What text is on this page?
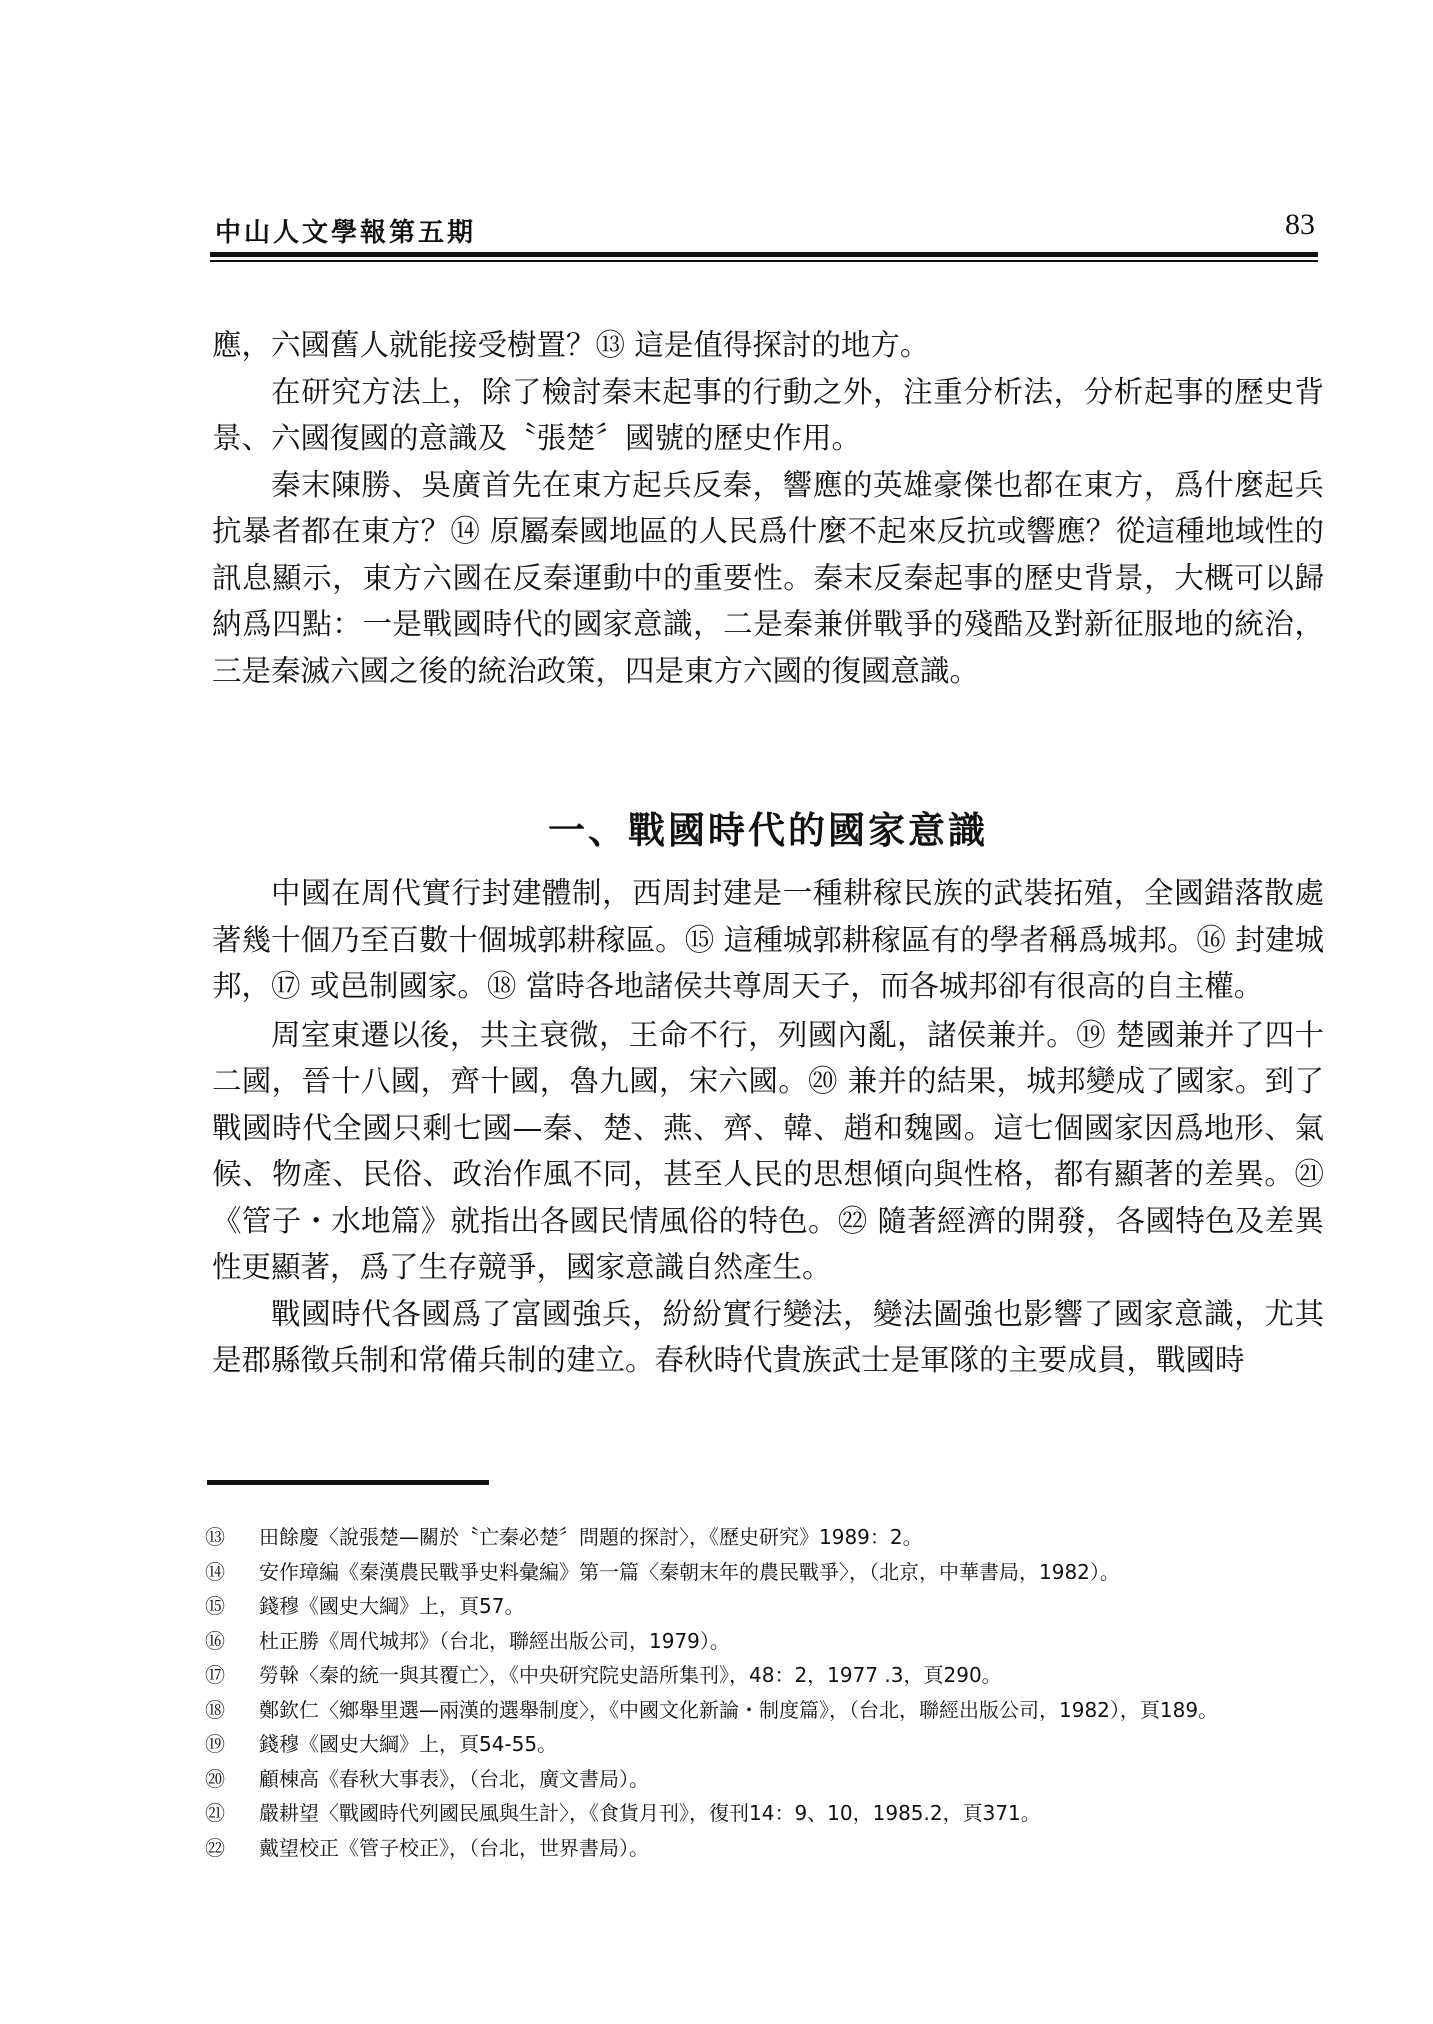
中山人文學報第五期	83

應，六國舊人就能接受樹置？⑬ 這是值得探討的地方。

在研究方法上，除了檢討秦末起事的行動之外，注重分析法，分析起事的歷史背景、六國復國的意識及〝張楚〞國號的歷史作用。

秦末陳勝、吳廣首先在東方起兵反秦，響應的英雄豪傑也都在東方，爲什麼起兵抗暴者都在東方？⑭ 原屬秦國地區的人民爲什麼不起來反抗或響應？從這種地域性的訊息顯示，東方六國在反秦運動中的重要性。秦末反秦起事的歷史背景，大概可以歸納爲四點：一是戰國時代的國家意識，二是秦兼併戰爭的殘酷及對新征服地的統治，三是秦滅六國之後的統治政策，四是東方六國的復國意識。

一、戰國時代的國家意識

中國在周代實行封建體制，西周封建是一種耕稼民族的武裝拓殖，全國錯落散處著幾十個乃至百數十個城郭耕稼區。⑮ 這種城郭耕稼區有的學者稱爲城邦。⑯ 封建城邦，⑰ 或邑制國家。⑱ 當時各地諸侯共尊周天子，而各城邦卻有很高的自主權。

周室東遷以後，共主衰微，王命不行，列國內亂，諸侯兼并。⑲ 楚國兼并了四十二國，晉十八國，齊十國，魯九國，宋六國。⑳ 兼并的結果，城邦變成了國家。到了戰國時代全國只剩七國—秦、楚、燕、齊、韓、趙和魏國。這七個國家因爲地形、氣候、物產、民俗、政治作風不同，甚至人民的思想傾向與性格，都有顯著的差異。㉑ 《管子・水地篇》就指出各國民情風俗的特色。㉒ 隨著經濟的開發，各國特色及差異性更顯著，爲了生存競爭，國家意識自然產生。

戰國時代各國爲了富國強兵，紛紛實行變法，變法圖強也影響了國家意識，尤其是郡縣徵兵制和常備兵制的建立。春秋時代貴族武士是軍隊的主要成員，戰國時

⑬	田餘慶〈說張楚—關於〝亡秦必楚〞問題的探討〉，《歷史研究》1989：2。
⑭	安作璋編《秦漢農民戰爭史料彙編》第一篇〈秦朝末年的農民戰爭〉，（北京，中華書局，1982）。
⑮	錢穆《國史大綱》上，頁57。
⑯	杜正勝《周代城邦》（台北，聯經出版公司，1979）。
⑰	勞榦〈秦的統一與其覆亡〉，《中央研究院史語所集刊》，48：2，1977 .3，頁290。
⑱	鄭欽仁〈鄉舉里選—兩漢的選舉制度〉，《中國文化新論・制度篇》，（台北，聯經出版公司，1982），頁189。
⑲	錢穆《國史大綱》上，頁54-55。
⑳	顧棟高《春秋大事表》，（台北，廣文書局）。
㉑	嚴耕望〈戰國時代列國民風與生計〉，《食貨月刊》，復刊14：9、10，1985.2，頁371。
㉒	戴望校正《管子校正》，（台北，世界書局）。
